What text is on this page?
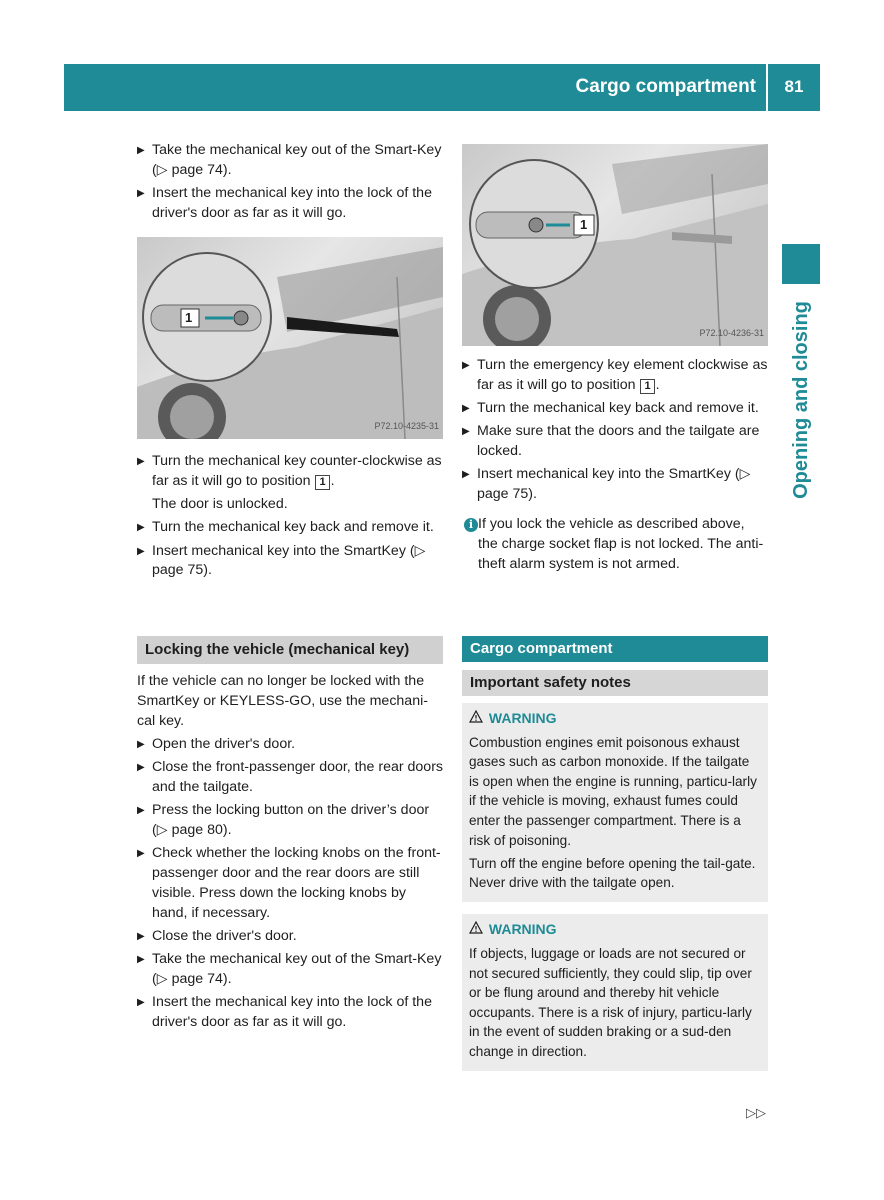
Cargo compartment	81
Opening and closing
▶ Take the mechanical key out of the Smart-Key (▷ page 74).
▶ Insert the mechanical key into the lock of the driver's door as far as it will go.
1
P72.10-4235-31
▶ Turn the mechanical key counter-clockwise as far as it will go to position 1 .
The door is unlocked.
▶ Turn the mechanical key back and remove it.
▶ Insert mechanical key into the SmartKey (▷ page 75).
Locking the vehicle (mechanical key)

If the vehicle can no longer be locked with the SmartKey or KEYLESS-GO, use the mechani-cal key.

▶ Open the driver's door.
▶ Close the front-passenger door, the rear doors and the tailgate.
▶ Press the locking button on the driver’s door (▷ page 80).
▶ Check whether the locking knobs on the front-passenger door and the rear doors are still visible. Press down the locking knobs by hand, if necessary.
▶ Close the driver's door.
▶ Take the mechanical key out of the Smart-Key (▷ page 74).
▶ Insert the mechanical key into the lock of the driver's door as far as it will go.
1
P72.10-4236-31
▶ Turn the emergency key element clockwise as far as it will go to position 1 .
▶ Turn the mechanical key back and remove it.
▶ Make sure that the doors and the tailgate are locked.
▶ Insert mechanical key into the SmartKey (▷ page 75).
i If you lock the vehicle as described above, the charge socket flap is not locked. The anti-theft alarm system is not armed.
Cargo compartment
Important safety notes
WARNING

Combustion engines emit poisonous exhaust gases such as carbon monoxide. If the tailgate is open when the engine is running, particu-larly if the vehicle is moving, exhaust fumes could enter the passenger compartment. There is a risk of poisoning.

Turn off the engine before opening the tail-gate. Never drive with the tailgate open.

WARNING

If objects, luggage or loads are not secured or not secured sufficiently, they could slip, tip over or be flung around and thereby hit vehicle occupants. There is a risk of injury, particu-larly in the event of sudden braking or a sud-den change in direction.

▷▷
